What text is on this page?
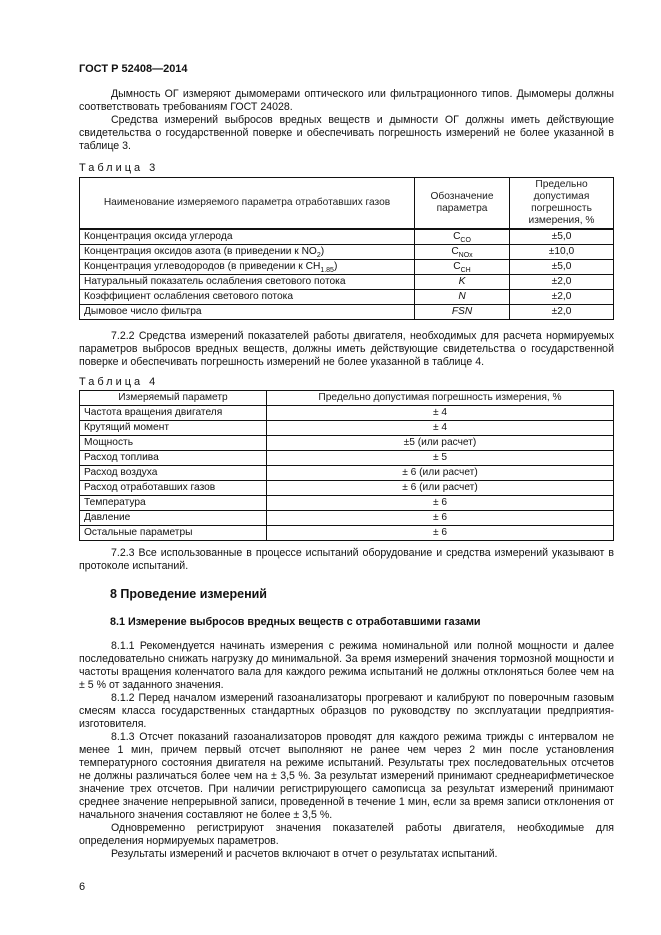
ГОСТ Р 52408—2014

Дымность ОГ измеряют дымомерами оптического или фильтрационного типов. Дымомеры должны соответствовать требованиям ГОСТ 24028.

Средства измерений выбросов вредных веществ и дымности ОГ должны иметь действующие свидетельства о государственной поверке и обеспечивать погрешность измерений не более указанной в таблице 3.

Таблица 3
Наименование измеряемого параметра отработавших газов	Обозначение параметра	Предельно допустимая погрешность измерения, %
Концентрация оксида углерода	$C_{CO}$	±5,0
Концентрация оксидов азота (в приведении к $NO_2$)	$C_{NOx}$	±10,0
Концентрация углеводородов (в приведении к $CH_{1.85}$)	$C_{CH}$	±5,0
Натуральный показатель ослабления светового потока	K	±2,0
Коэффициент ослабления светового потока	N	±2,0
Дымовое число фильтра	FSN	±2,0

7.2.2 Средства измерений показателей работы двигателя, необходимых для расчета нормируемых параметров выбросов вредных веществ, должны иметь действующие свидетельства о государственной поверке и обеспечивать погрешность измерений не более указанной в таблице 4.

Таблица 4
Измеряемый параметр	Предельно допустимая погрешность измерения, %
Частота вращения двигателя	± 4
Крутящий момент	± 4
Мощность	±5 (или расчет)
Расход топлива	± 5
Расход воздуха	± 6 (или расчет)
Расход отработавших газов	± 6 (или расчет)
Температура	± 6
Давление	± 6
Остальные параметры	± 6

7.2.3 Все использованные в процессе испытаний оборудование и средства измерений указывают в протоколе испытаний.

8 Проведение измерений
8.1 Измерение выбросов вредных веществ с отработавшими газами

8.1.1 Рекомендуется начинать измерения с режима номинальной или полной мощности и далее последовательно снижать нагрузку до минимальной. За время измерений значения тормозной мощности и частоты вращения коленчатого вала для каждого режима испытаний не должны отклоняться более чем на ± 5 % от заданного значения.

8.1.2 Перед началом измерений газоанализаторы прогревают и калибруют по поверочным газовым смесям класса государственных стандартных образцов по руководству по эксплуатации предприятия-изготовителя.

8.1.3 Отсчет показаний газоанализаторов проводят для каждого режима трижды с интервалом не менее 1 мин, причем первый отсчет выполняют не ранее чем через 2 мин после установления температурного состояния двигателя на режиме испытаний. Результаты трех последовательных отсчетов не должны различаться более чем на ± 3,5 %. За результат измерений принимают среднеарифметическое значение трех отсчетов. При наличии регистрирующего самописца за результат измерений принимают среднее значение непрерывной записи, проведенной в течение 1 мин, если за время записи отклонения от начального значения составляют не более ± 3,5 %.

Одновременно регистрируют значения показателей работы двигателя, необходимые для определения нормируемых параметров.

Результаты измерений и расчетов включают в отчет о результатах испытаний.

6
